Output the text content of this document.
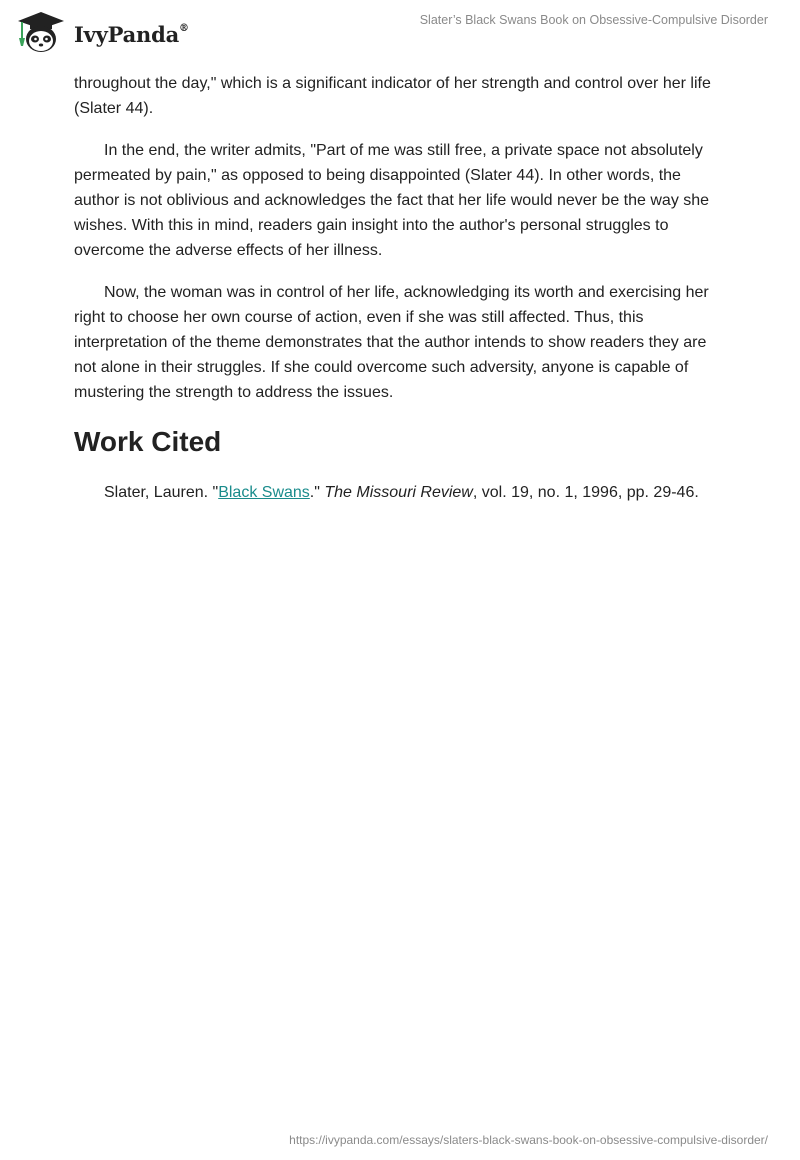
IvyPanda®
Slater’s Black Swans Book on Obsessive-Compulsive Disorder

throughout the day," which is a significant indicator of her strength and control over her life (Slater 44).

In the end, the writer admits, "Part of me was still free, a private space not absolutely permeated by pain," as opposed to being disappointed (Slater 44). In other words, the author is not oblivious and acknowledges the fact that her life would never be the way she wishes. With this in mind, readers gain insight into the author's personal struggles to overcome the adverse effects of her illness.

Now, the woman was in control of her life, acknowledging its worth and exercising her right to choose her own course of action, even if she was still affected. Thus, this interpretation of the theme demonstrates that the author intends to show readers they are not alone in their struggles. If she could overcome such adversity, anyone is capable of mustering the strength to address the issues.

Work Cited

Slater, Lauren. "Black Swans." The Missouri Review, vol. 19, no. 1, 1996, pp. 29-46.

https://ivypanda.com/essays/slaters-black-swans-book-on-obsessive-compulsive-disorder/
